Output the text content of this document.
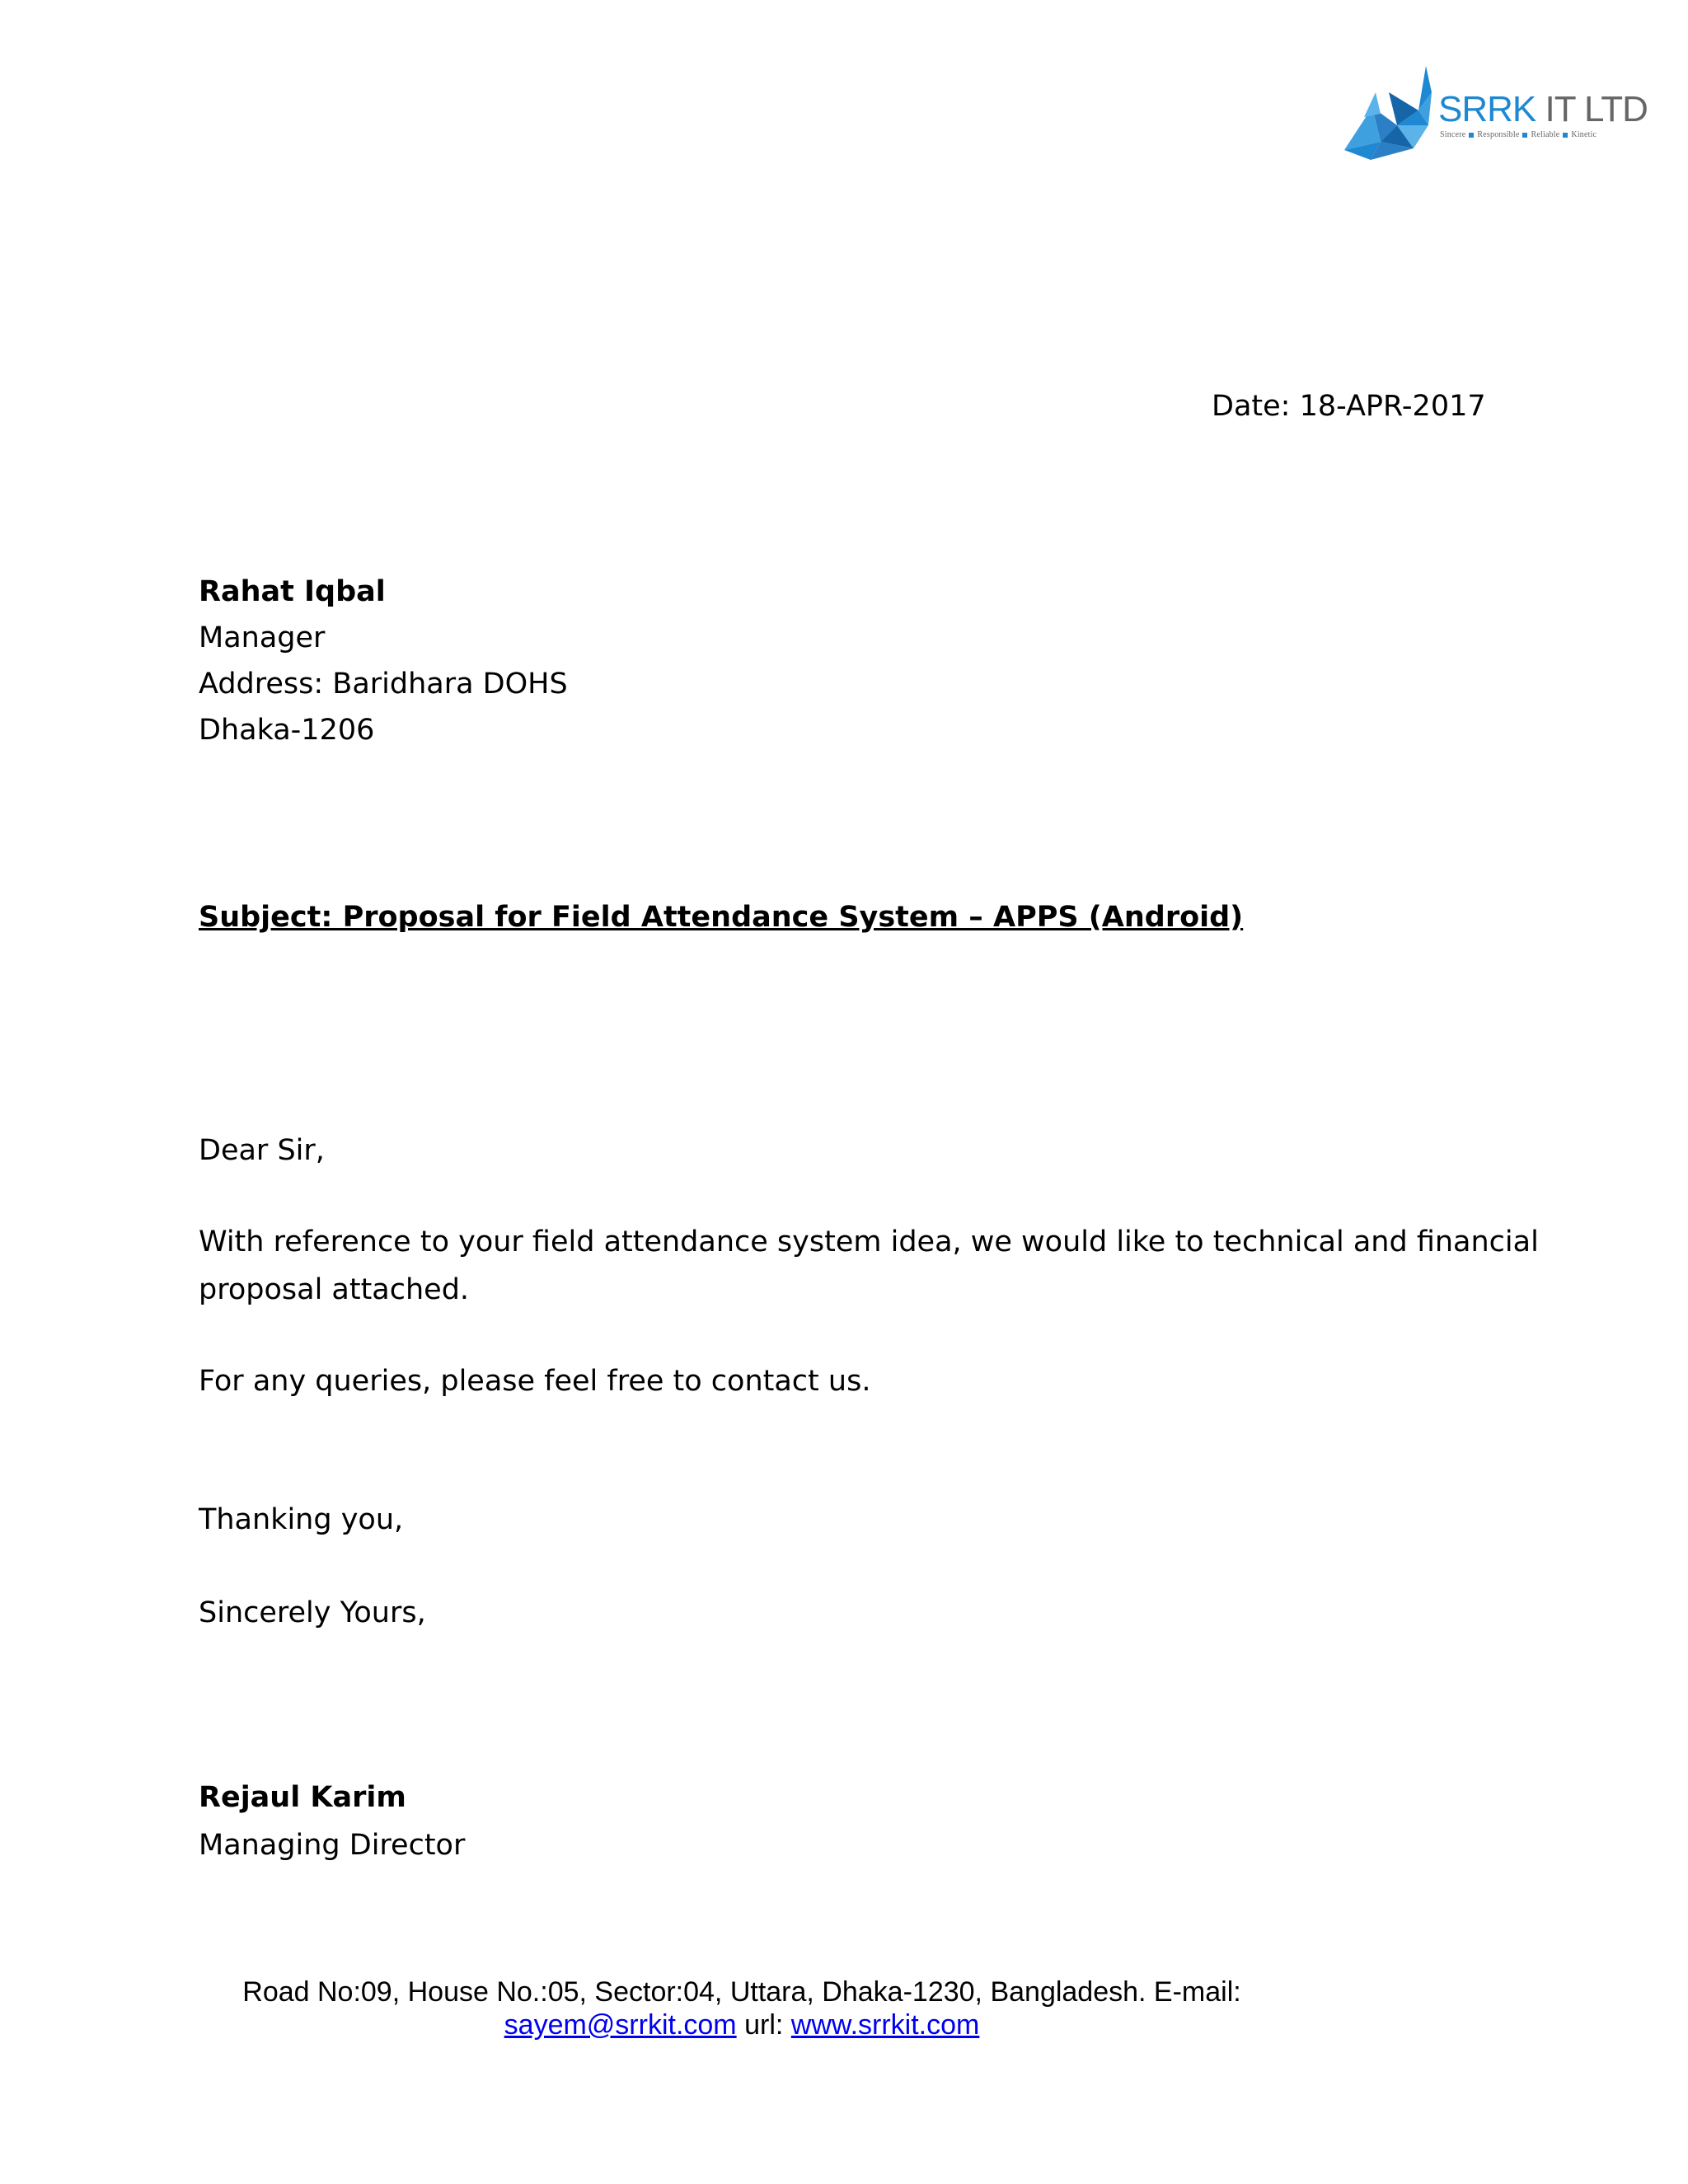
SRRK IT LTD
Sincere Responsible Reliable Kinetic
Date: 18-APR-2017
Rahat Iqbal
Manager
Address: Baridhara DOHS
Dhaka-1206
Subject: Proposal for Field Attendance System – APPS (Android)
Dear Sir,
With reference to your field attendance system idea, we would like to technical and financial
proposal attached.
For any queries, please feel free to contact us.
Thanking you,
Sincerely Yours,
Rejaul Karim
Managing Director
Road No:09, House No.:05, Sector:04, Uttara, Dhaka-1230, Bangladesh. E-mail:
sayem@srrkit.com url: www.srrkit.com
